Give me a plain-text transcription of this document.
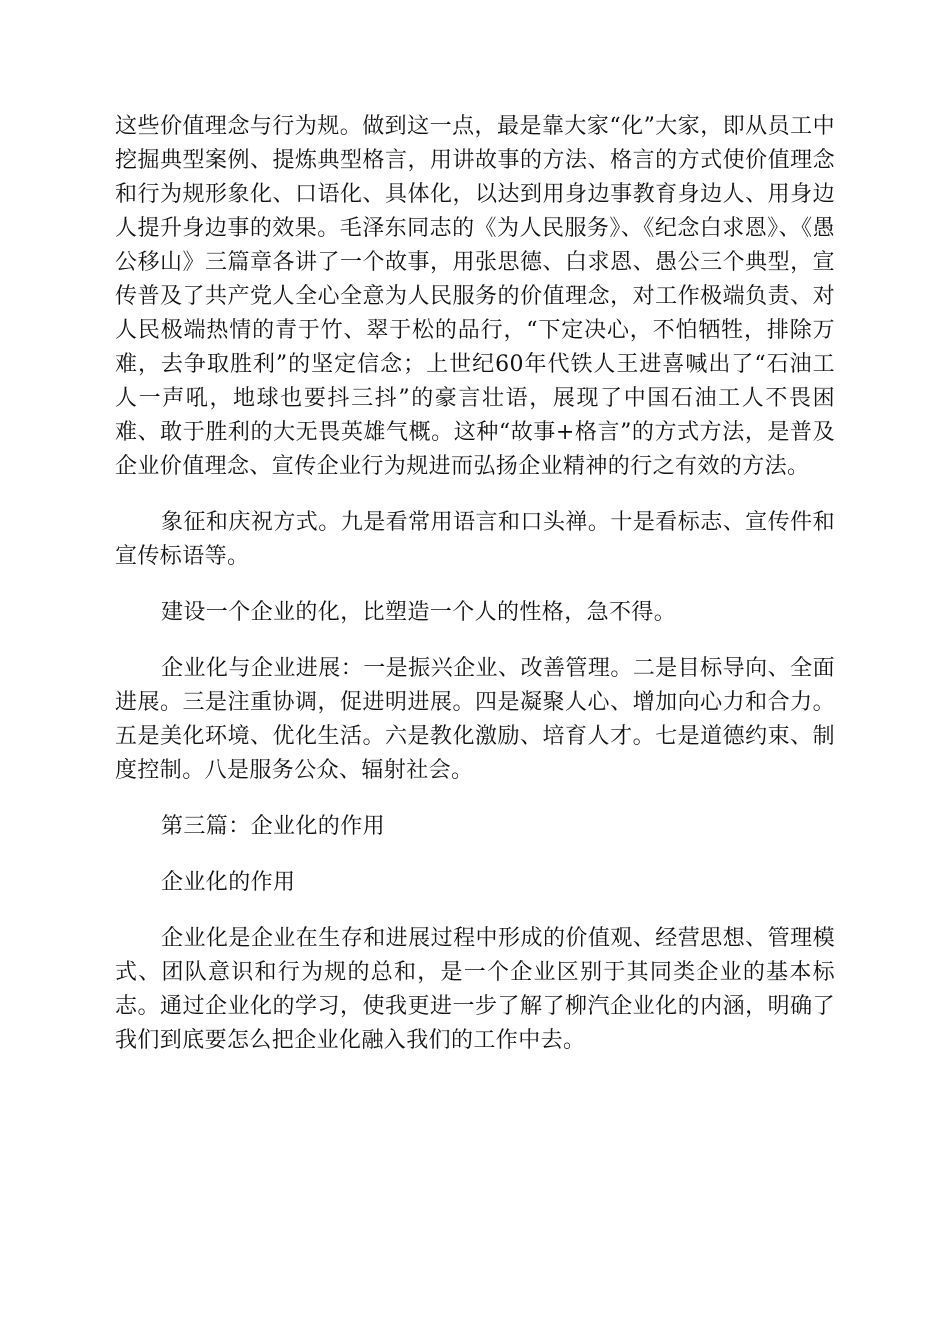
这些价值理念与行为规。做到这一点，最是靠大家“化”大家，即从员工中挖掘典型案例、提炼典型格言，用讲故事的方法、格言的方式使价值理念和行为规形象化、口语化、具体化，以达到用身边事教育身边人、用身边人提升身边事的效果。毛泽东同志的《为人民服务》、《纪念白求恩》、《愚公移山》三篇章各讲了一个故事，用张思德、白求恩、愚公三个典型，宣传普及了共产党人全心全意为人民服务的价值理念，对工作极端负责、对人民极端热情的青于竹、翠于松的品行，“下定决心，不怕牺牲，排除万难，去争取胜利”的坚定信念；上世纪60年代铁人王进喜喊出了“石油工人一声吼，地球也要抖三抖”的豪言壮语，展现了中国石油工人不畏困难、敢于胜利的大无畏英雄气概。这种“故事+格言”的方式方法，是普及企业价值理念、宣传企业行为规进而弘扬企业精神的行之有效的方法。

象征和庆祝方式。九是看常用语言和口头禅。十是看标志、宣传件和宣传标语等。

建设一个企业的化，比塑造一个人的性格，急不得。

企业化与企业进展：一是振兴企业、改善管理。二是目标导向、全面进展。三是注重协调，促进明进展。四是凝聚人心、增加向心力和合力。五是美化环境、优化生活。六是教化激励、培育人才。七是道德约束、制度控制。八是服务公众、辐射社会。

第三篇：企业化的作用

企业化的作用

企业化是企业在生存和进展过程中形成的价值观、经营思想、管理模式、团队意识和行为规的总和，是一个企业区别于其同类企业的基本标志。通过企业化的学习，使我更进一步了解了柳汽企业化的内涵，明确了我们到底要怎么把企业化融入我们的工作中去。
